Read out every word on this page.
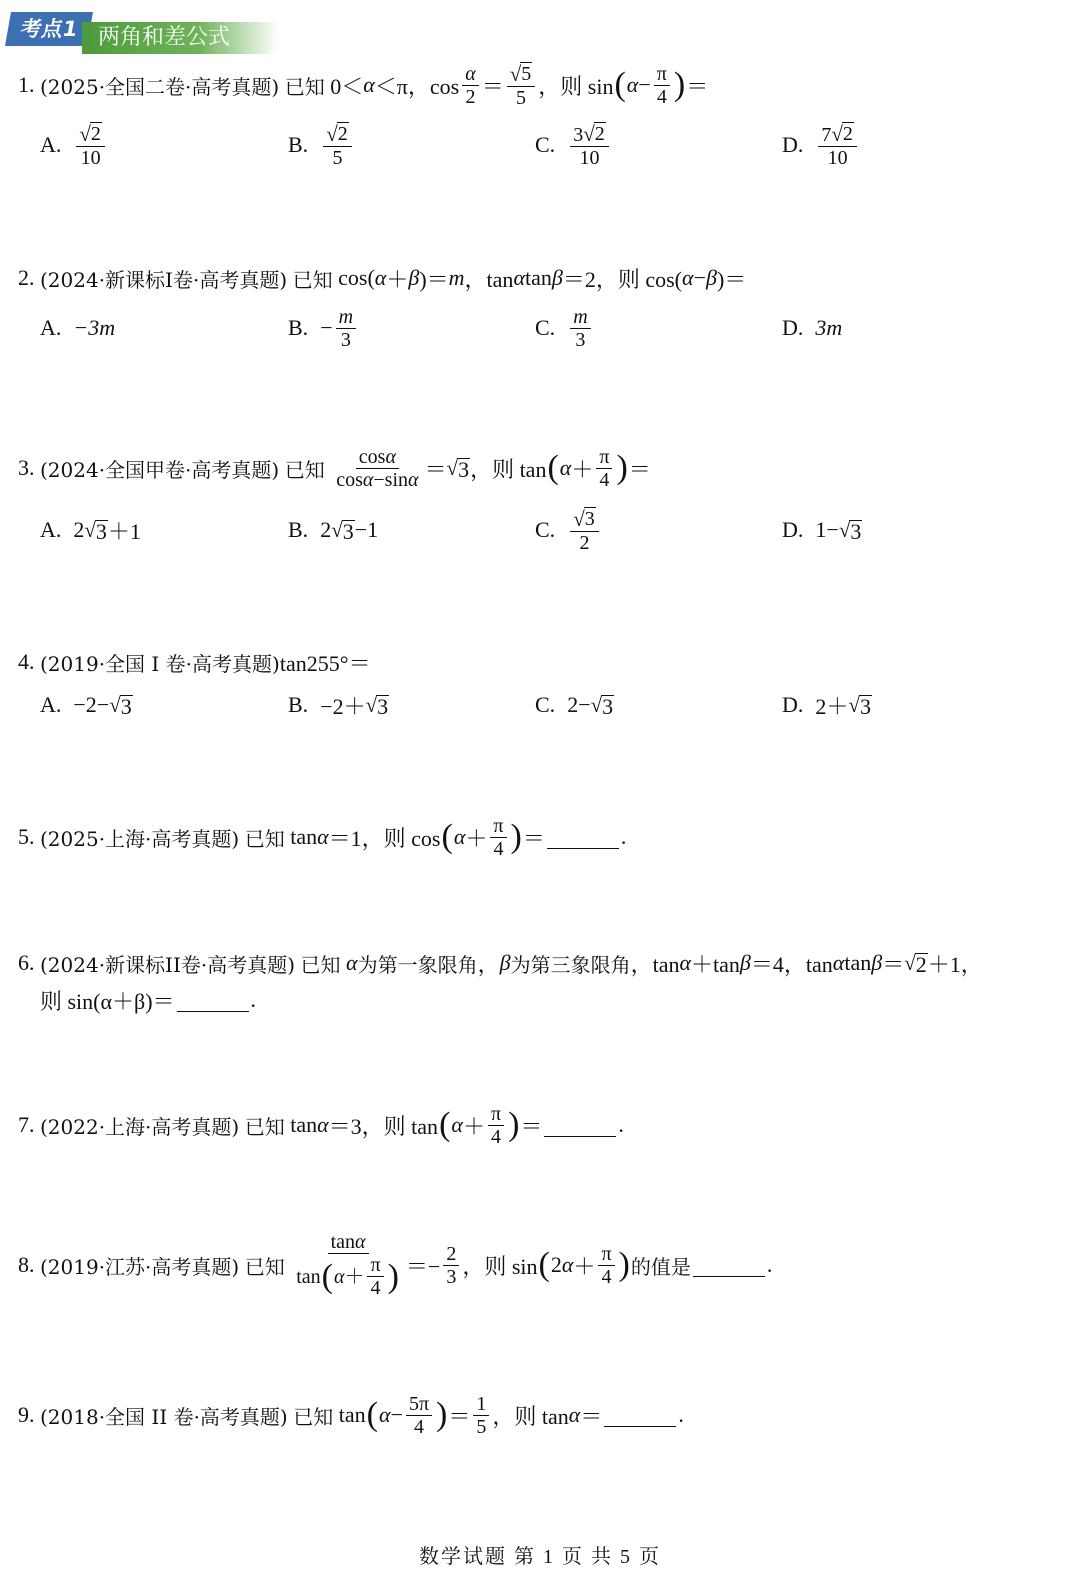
考点1 两角和差公式
1.
(2025·全国二卷·高考真题)
已知 0＜ α ＜π，$\cos \frac{\alpha}{2} = \frac{√ 5}{5}$ ，则 sin ( $\alpha - \frac{\pi}{4}$ ) ＝
A. $\frac{√ 2}{10}$	B. $\frac{√ 2}{5}$	C. $\frac{3 √ 2}{10}$	D. $\frac{7 √ 2}{10}$
2.
(2024·新课标I卷·高考真题)
已知 cos( α ＋ β )＝ m ，tan α tan β ＝2，则 cos( α − β )＝
A. −3m	B. − $\frac{m}{3}$	C. $\frac{m}{3}$	D. 3m
3.
(2024·全国甲卷·高考真题)
已知
$\frac{\cos\alpha}{\cos\alpha-\sin\alpha}$ ＝ √ 3 ，则 tan ( $\alpha + \frac{\pi}{4}$ ) ＝
A. 2 √ 3 ＋1	B. 2 √ 3 −1	C. $\frac{√ 3}{2}$	D. 1− √ 3
4.
(2019·全国 I 卷·高考真题) tan255°＝
A. −2− √ 3	B. −2＋ √ 3	C. 2− √ 3	D. 2＋ √ 3
5.
(2025·上海·高考真题)
已知 tan α ＝1，则 cos ( $\alpha + \frac{\pi}{4}$ ) ＝	.
6.
(2024·新课标II卷·高考真题)
已知
α 为第一象限角 ， β 为第三象限角 ，tan α ＋tan β ＝4，tan α tan β ＝ √ 2 ＋1，
则 sin(α＋β)＝	.
7.
(2022·上海·高考真题)
已知 tan α ＝3，则 tan ( $\alpha + \frac{\pi}{4}$ ) ＝	.
8.
(2019·江苏·高考真题)
已知
$\frac{\tan\alpha}{\tan ( \alpha + \frac{\pi}{4} )} =- \frac{2}{3}$ ，则 sin ( 2 $\alpha + \frac{\pi}{4}$ ) 的值是	.
9.
(2018·全国 II 卷·高考真题)
已知 tan ( $\alpha - \frac{5\pi}{4}$ ) ＝ $\frac{1}{5}$ ，则 tan α ＝	.
数学试题 第 1 页 共 5 页
